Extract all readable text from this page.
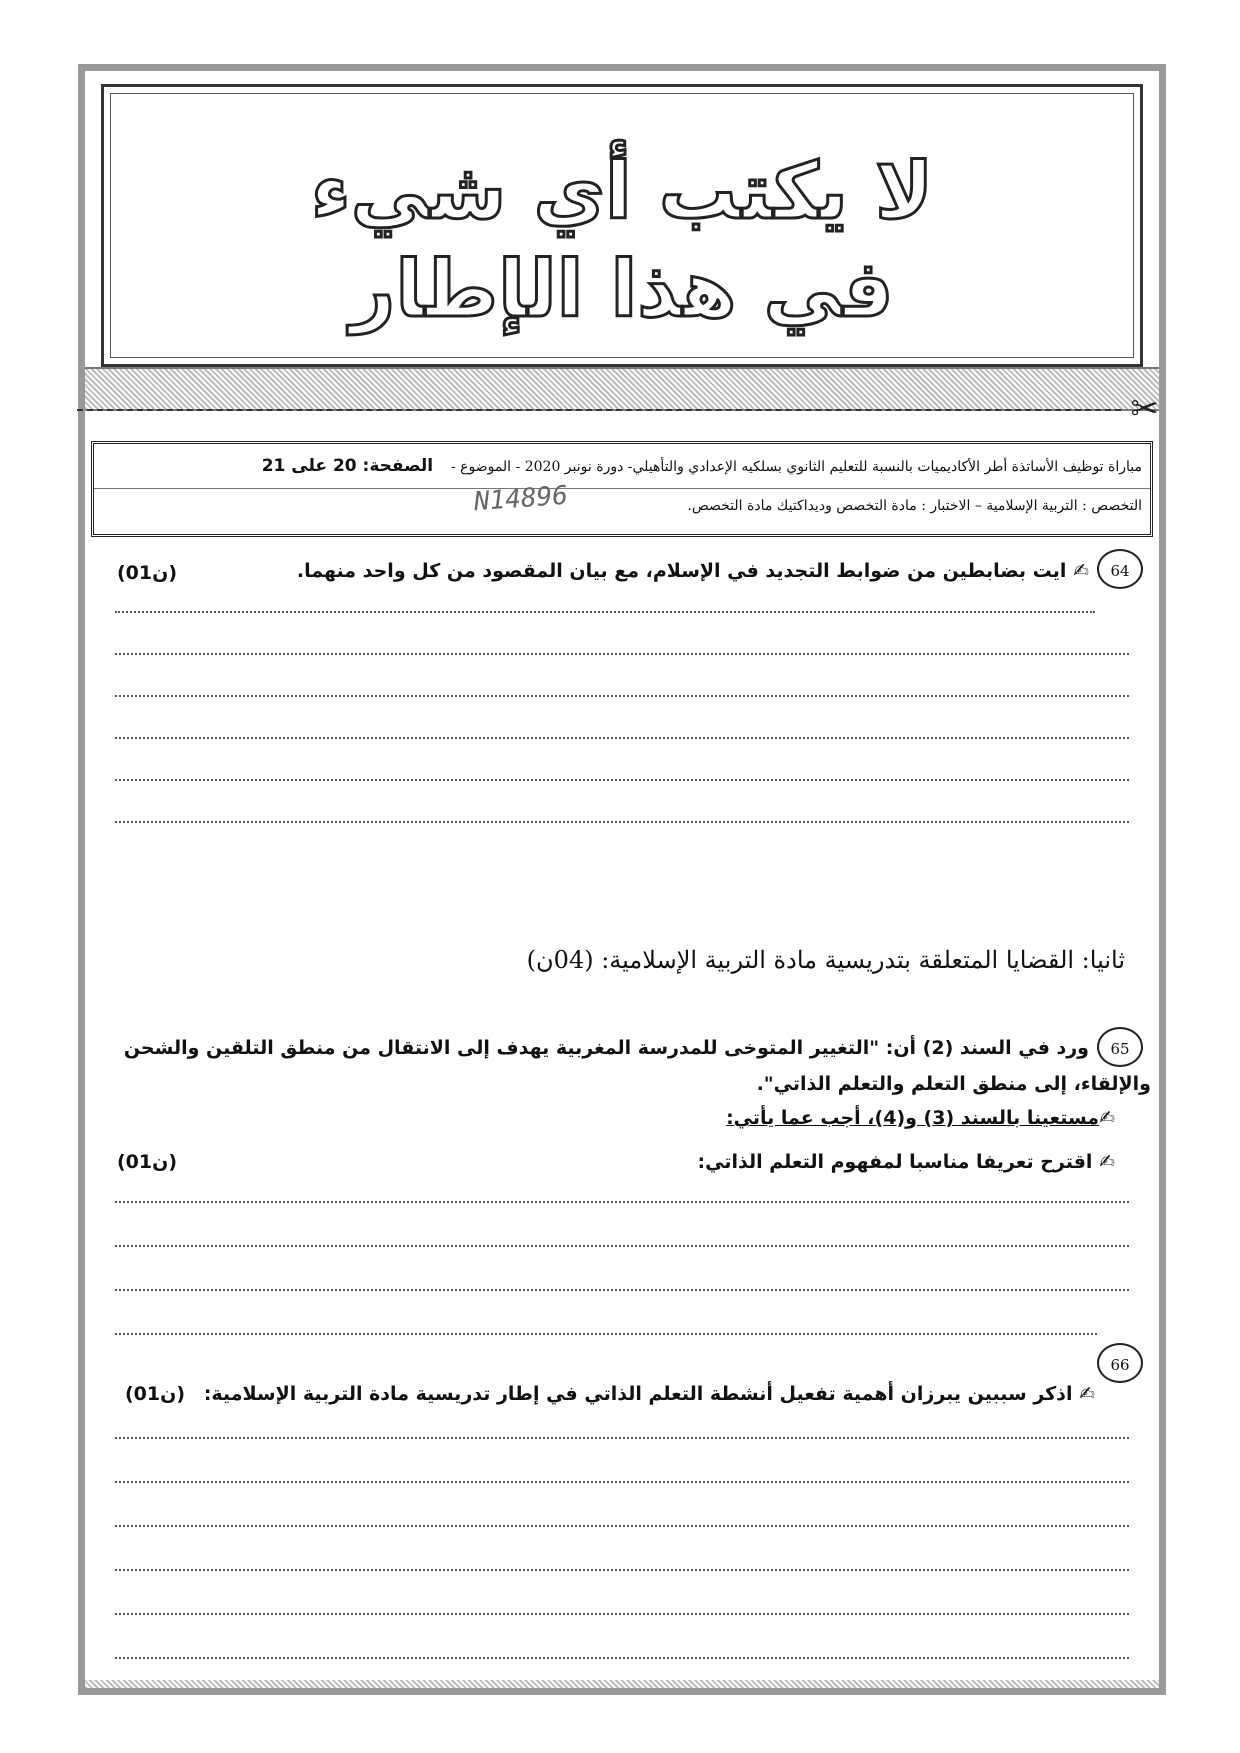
لا يكتب أي شيء
في هذا الإطار
✂
مباراة توظيف الأساتذة أطر الأكاديميات بالنسبة للتعليم الثانوي بسلكيه الإعدادي والتأهيلي- دورة نونبر 2020 - الموضوع -    الصفحة: 20 على 21
التخصص : التربية الإسلامية – الاختبار : مادة التخصص وديداكتيك مادة التخصص.
N14896
64
✍ ايت بضابطين من ضوابط التجديد في الإسلام، مع بيان المقصود من كل واحد منهما.
(01ن)
ثانيا: القضايا المتعلقة بتدريسية مادة التربية الإسلامية: (04ن)
65
ورد في السند (2) أن: "التغيير المتوخى للمدرسة المغربية يهدف إلى الانتقال من منطق التلقين والشحن
والإلقاء، إلى منطق التعلم والتعلم الذاتي".
✍مستعينا بالسند (3) و(4)، أجب عما يأتي:
✍ اقترح تعريفا مناسبا لمفهوم التعلم الذاتي:
(01ن)
66
✍ اذكر سببين يبرزان أهمية تفعيل أنشطة التعلم الذاتي في إطار تدريسية مادة التربية الإسلامية:
(01ن)
